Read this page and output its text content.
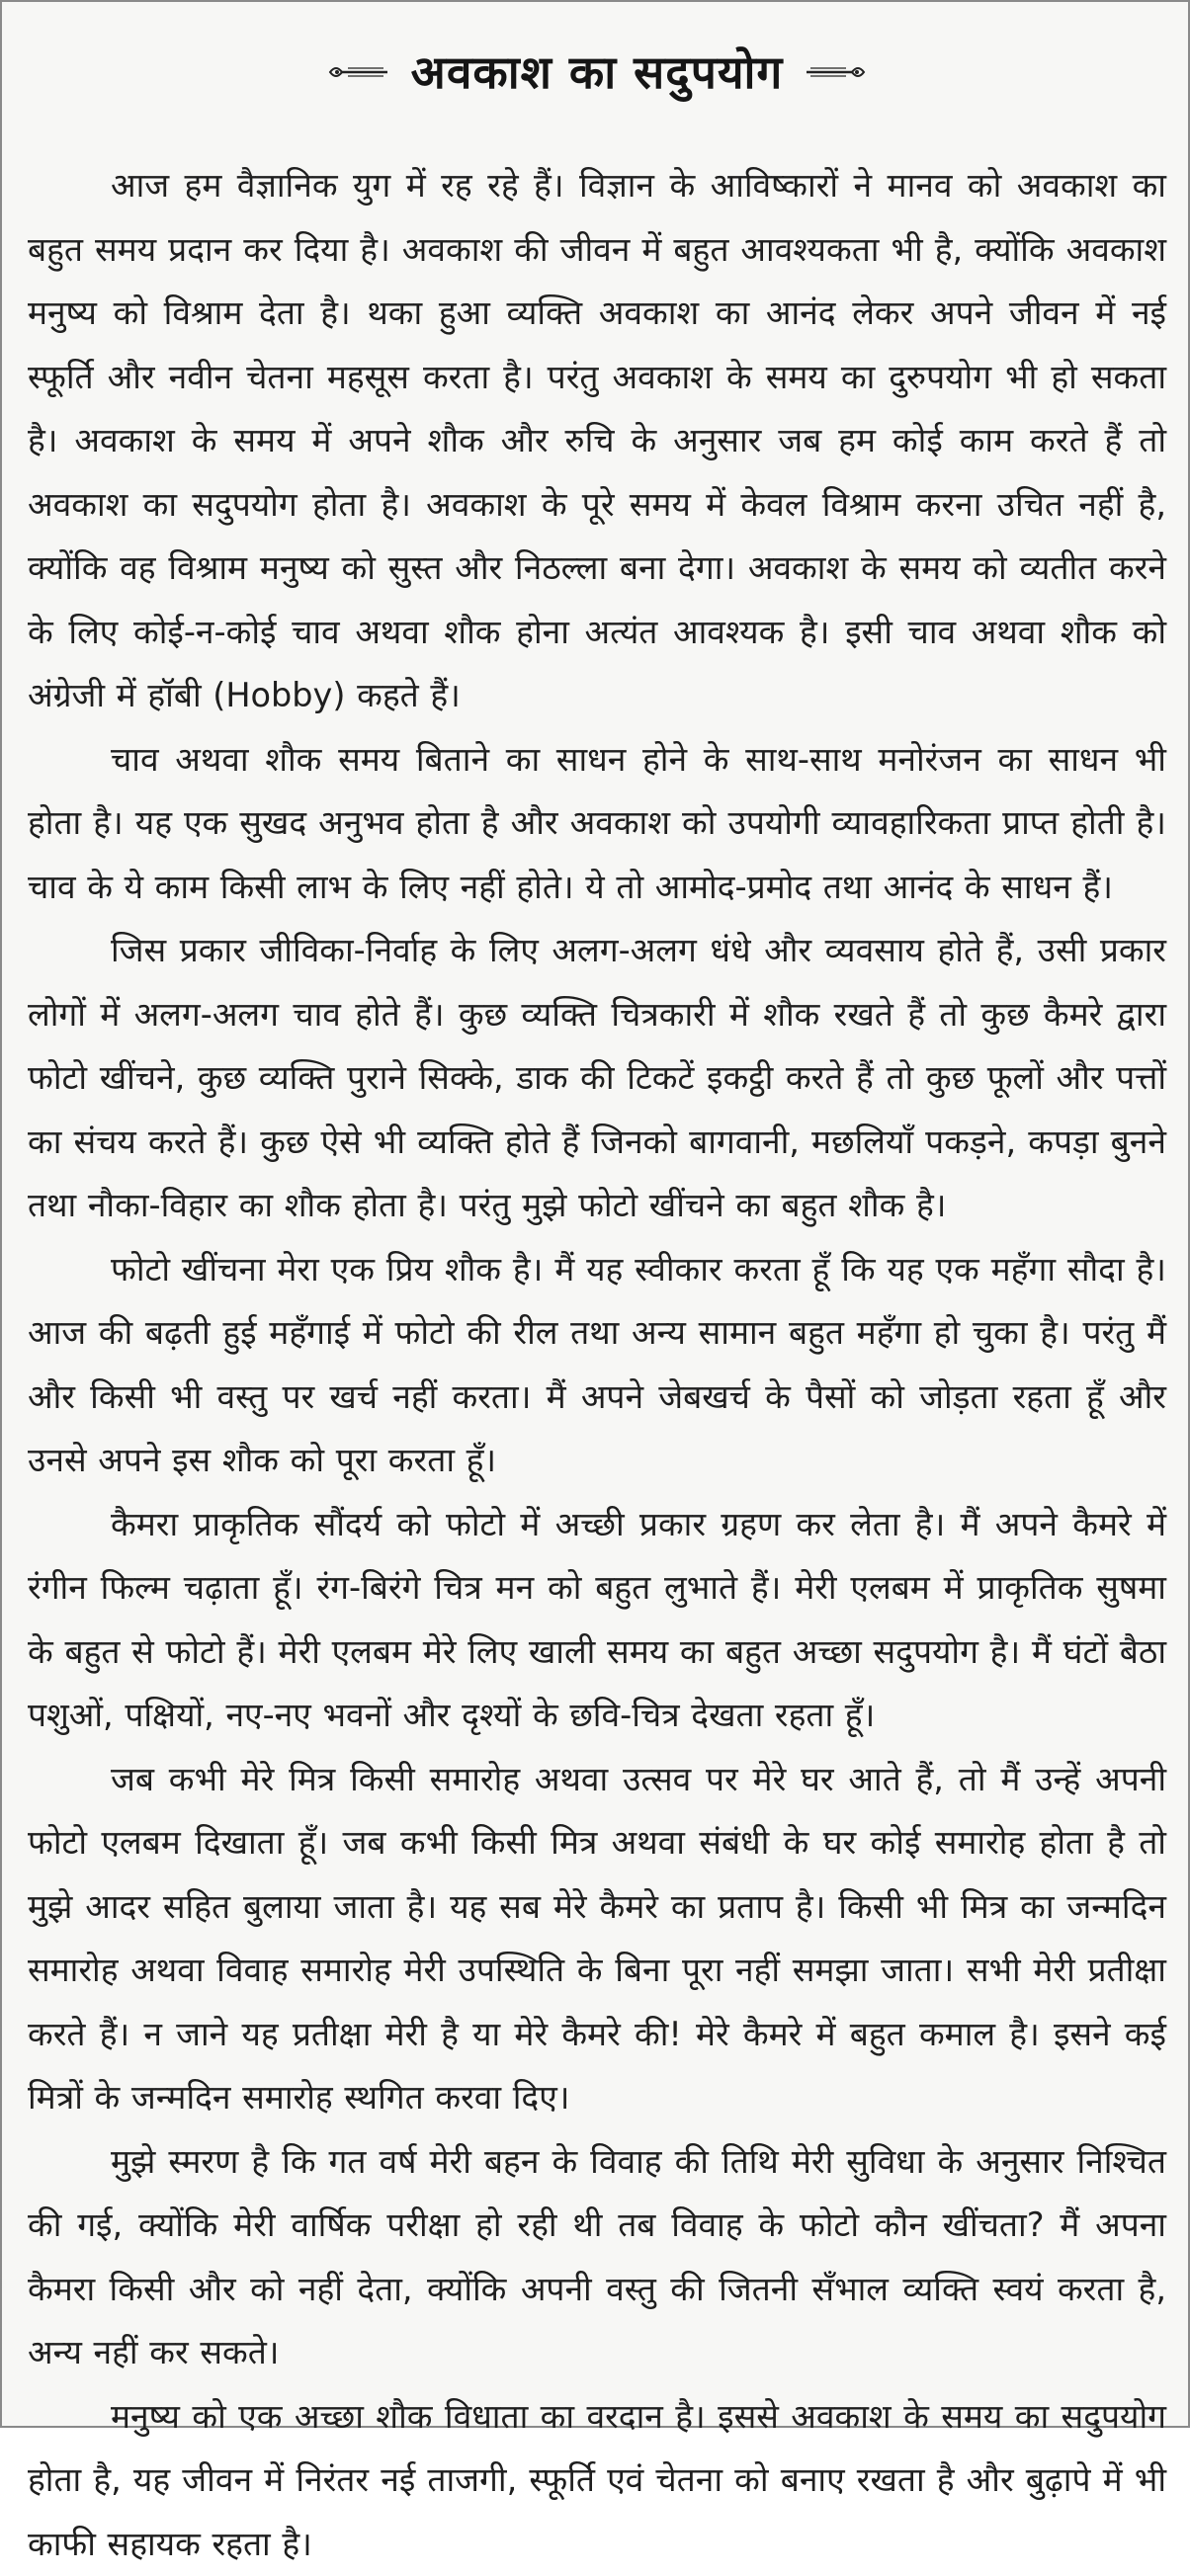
अवकाश का सदुपयोग

आज हम वैज्ञानिक युग में रह रहे हैं। विज्ञान के आविष्कारों ने मानव को अवकाश का बहुत समय प्रदान कर दिया है। अवकाश की जीवन में बहुत आवश्यकता भी है, क्योंकि अवकाश मनुष्य को विश्राम देता है। थका हुआ व्यक्ति अवकाश का आनंद लेकर अपने जीवन में नई स्फूर्ति और नवीन चेतना महसूस करता है। परंतु अवकाश के समय का दुरुपयोग भी हो सकता है। अवकाश के समय में अपने शौक और रुचि के अनुसार जब हम कोई काम करते हैं तो अवकाश का सदुपयोग होता है। अवकाश के पूरे समय में केवल विश्राम करना उचित नहीं है, क्योंकि वह विश्राम मनुष्य को सुस्त और निठल्ला बना देगा। अवकाश के समय को व्यतीत करने के लिए कोई-न-कोई चाव अथवा शौक होना अत्यंत आवश्यक है। इसी चाव अथवा शौक को अंग्रेजी में हॉबी (Hobby) कहते हैं।

चाव अथवा शौक समय बिताने का साधन होने के साथ-साथ मनोरंजन का साधन भी होता है। यह एक सुखद अनुभव होता है और अवकाश को उपयोगी व्यावहारिकता प्राप्त होती है। चाव के ये काम किसी लाभ के लिए नहीं होते। ये तो आमोद-प्रमोद तथा आनंद के साधन हैं।

जिस प्रकार जीविका-निर्वाह के लिए अलग-अलग धंधे और व्यवसाय होते हैं, उसी प्रकार लोगों में अलग-अलग चाव होते हैं। कुछ व्यक्ति चित्रकारी में शौक रखते हैं तो कुछ कैमरे द्वारा फोटो खींचने, कुछ व्यक्ति पुराने सिक्के, डाक की टिकटें इकट्ठी करते हैं तो कुछ फूलों और पत्तों का संचय करते हैं। कुछ ऐसे भी व्यक्ति होते हैं जिनको बागवानी, मछलियाँ पकड़ने, कपड़ा बुनने तथा नौका-विहार का शौक होता है। परंतु मुझे फोटो खींचने का बहुत शौक है।

फोटो खींचना मेरा एक प्रिय शौक है। मैं यह स्वीकार करता हूँ कि यह एक महँगा सौदा है। आज की बढ़ती हुई महँगाई में फोटो की रील तथा अन्य सामान बहुत महँगा हो चुका है। परंतु मैं और किसी भी वस्तु पर खर्च नहीं करता। मैं अपने जेबखर्च के पैसों को जोड़ता रहता हूँ और उनसे अपने इस शौक को पूरा करता हूँ।

कैमरा प्राकृतिक सौंदर्य को फोटो में अच्छी प्रकार ग्रहण कर लेता है। मैं अपने कैमरे में रंगीन फिल्म चढ़ाता हूँ। रंग-बिरंगे चित्र मन को बहुत लुभाते हैं। मेरी एलबम में प्राकृतिक सुषमा के बहुत से फोटो हैं। मेरी एलबम मेरे लिए खाली समय का बहुत अच्छा सदुपयोग है। मैं घंटों बैठा पशुओं, पक्षियों, नए-नए भवनों और दृश्यों के छवि-चित्र देखता रहता हूँ।

जब कभी मेरे मित्र किसी समारोह अथवा उत्सव पर मेरे घर आते हैं, तो मैं उन्हें अपनी फोटो एलबम दिखाता हूँ। जब कभी किसी मित्र अथवा संबंधी के घर कोई समारोह होता है तो मुझे आदर सहित बुलाया जाता है। यह सब मेरे कैमरे का प्रताप है। किसी भी मित्र का जन्मदिन समारोह अथवा विवाह समारोह मेरी उपस्थिति के बिना पूरा नहीं समझा जाता। सभी मेरी प्रतीक्षा करते हैं। न जाने यह प्रतीक्षा मेरी है या मेरे कैमरे की! मेरे कैमरे में बहुत कमाल है। इसने कई मित्रों के जन्मदिन समारोह स्थगित करवा दिए।

मुझे स्मरण है कि गत वर्ष मेरी बहन के विवाह की तिथि मेरी सुविधा के अनुसार निश्चित की गई, क्योंकि मेरी वार्षिक परीक्षा हो रही थी तब विवाह के फोटो कौन खींचता? मैं अपना कैमरा किसी और को नहीं देता, क्योंकि अपनी वस्तु की जितनी सँभाल व्यक्ति स्वयं करता है, अन्य नहीं कर सकते।

मनुष्य को एक अच्छा शौक विधाता का वरदान है। इससे अवकाश के समय का सदुपयोग होता है, यह जीवन में निरंतर नई ताजगी, स्फूर्ति एवं चेतना को बनाए रखता है और बुढ़ापे में भी काफी सहायक रहता है।
